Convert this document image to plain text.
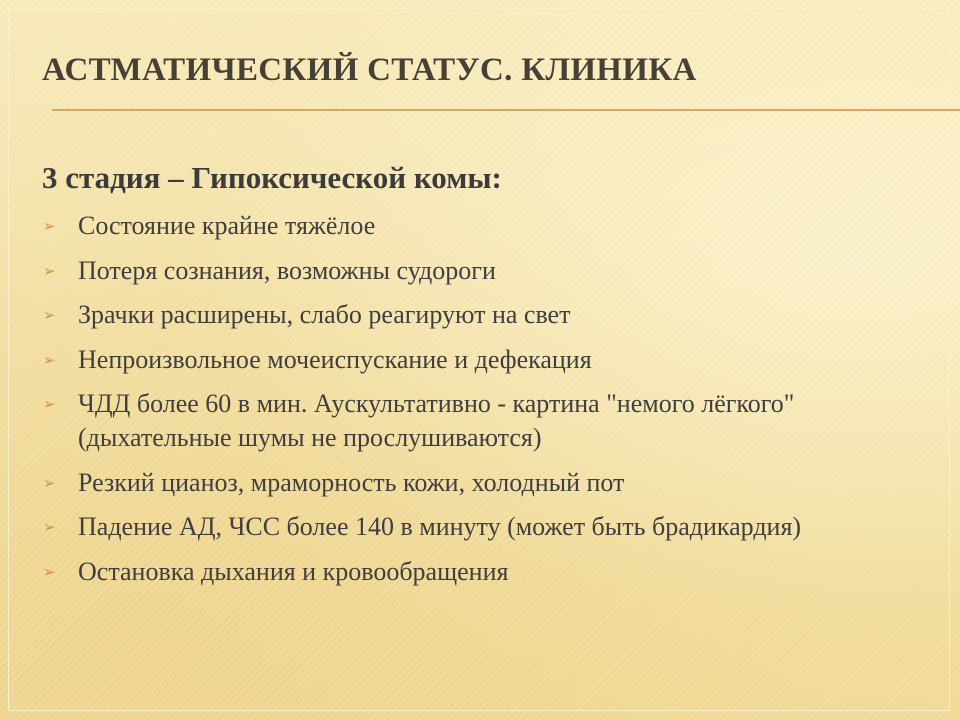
АСТМАТИЧЕСКИЙ СТАТУС. КЛИНИКА
3 стадия – Гипоксической комы:
➢ Состояние крайне тяжёлое
➢ Потеря сознания, возможны судороги
➢ Зрачки расширены, слабо реагируют на свет
➢ Непроизвольное мочеиспускание и дефекация
➢ ЧДД более 60 в мин. Аускультативно - картина "немого лёгкого" (дыхательные шумы не прослушиваются)
➢ Резкий цианоз, мраморность кожи, холодный пот
➢ Падение АД, ЧСС более 140 в минуту (может быть брадикардия)
➢ Остановка дыхания и кровообращения
